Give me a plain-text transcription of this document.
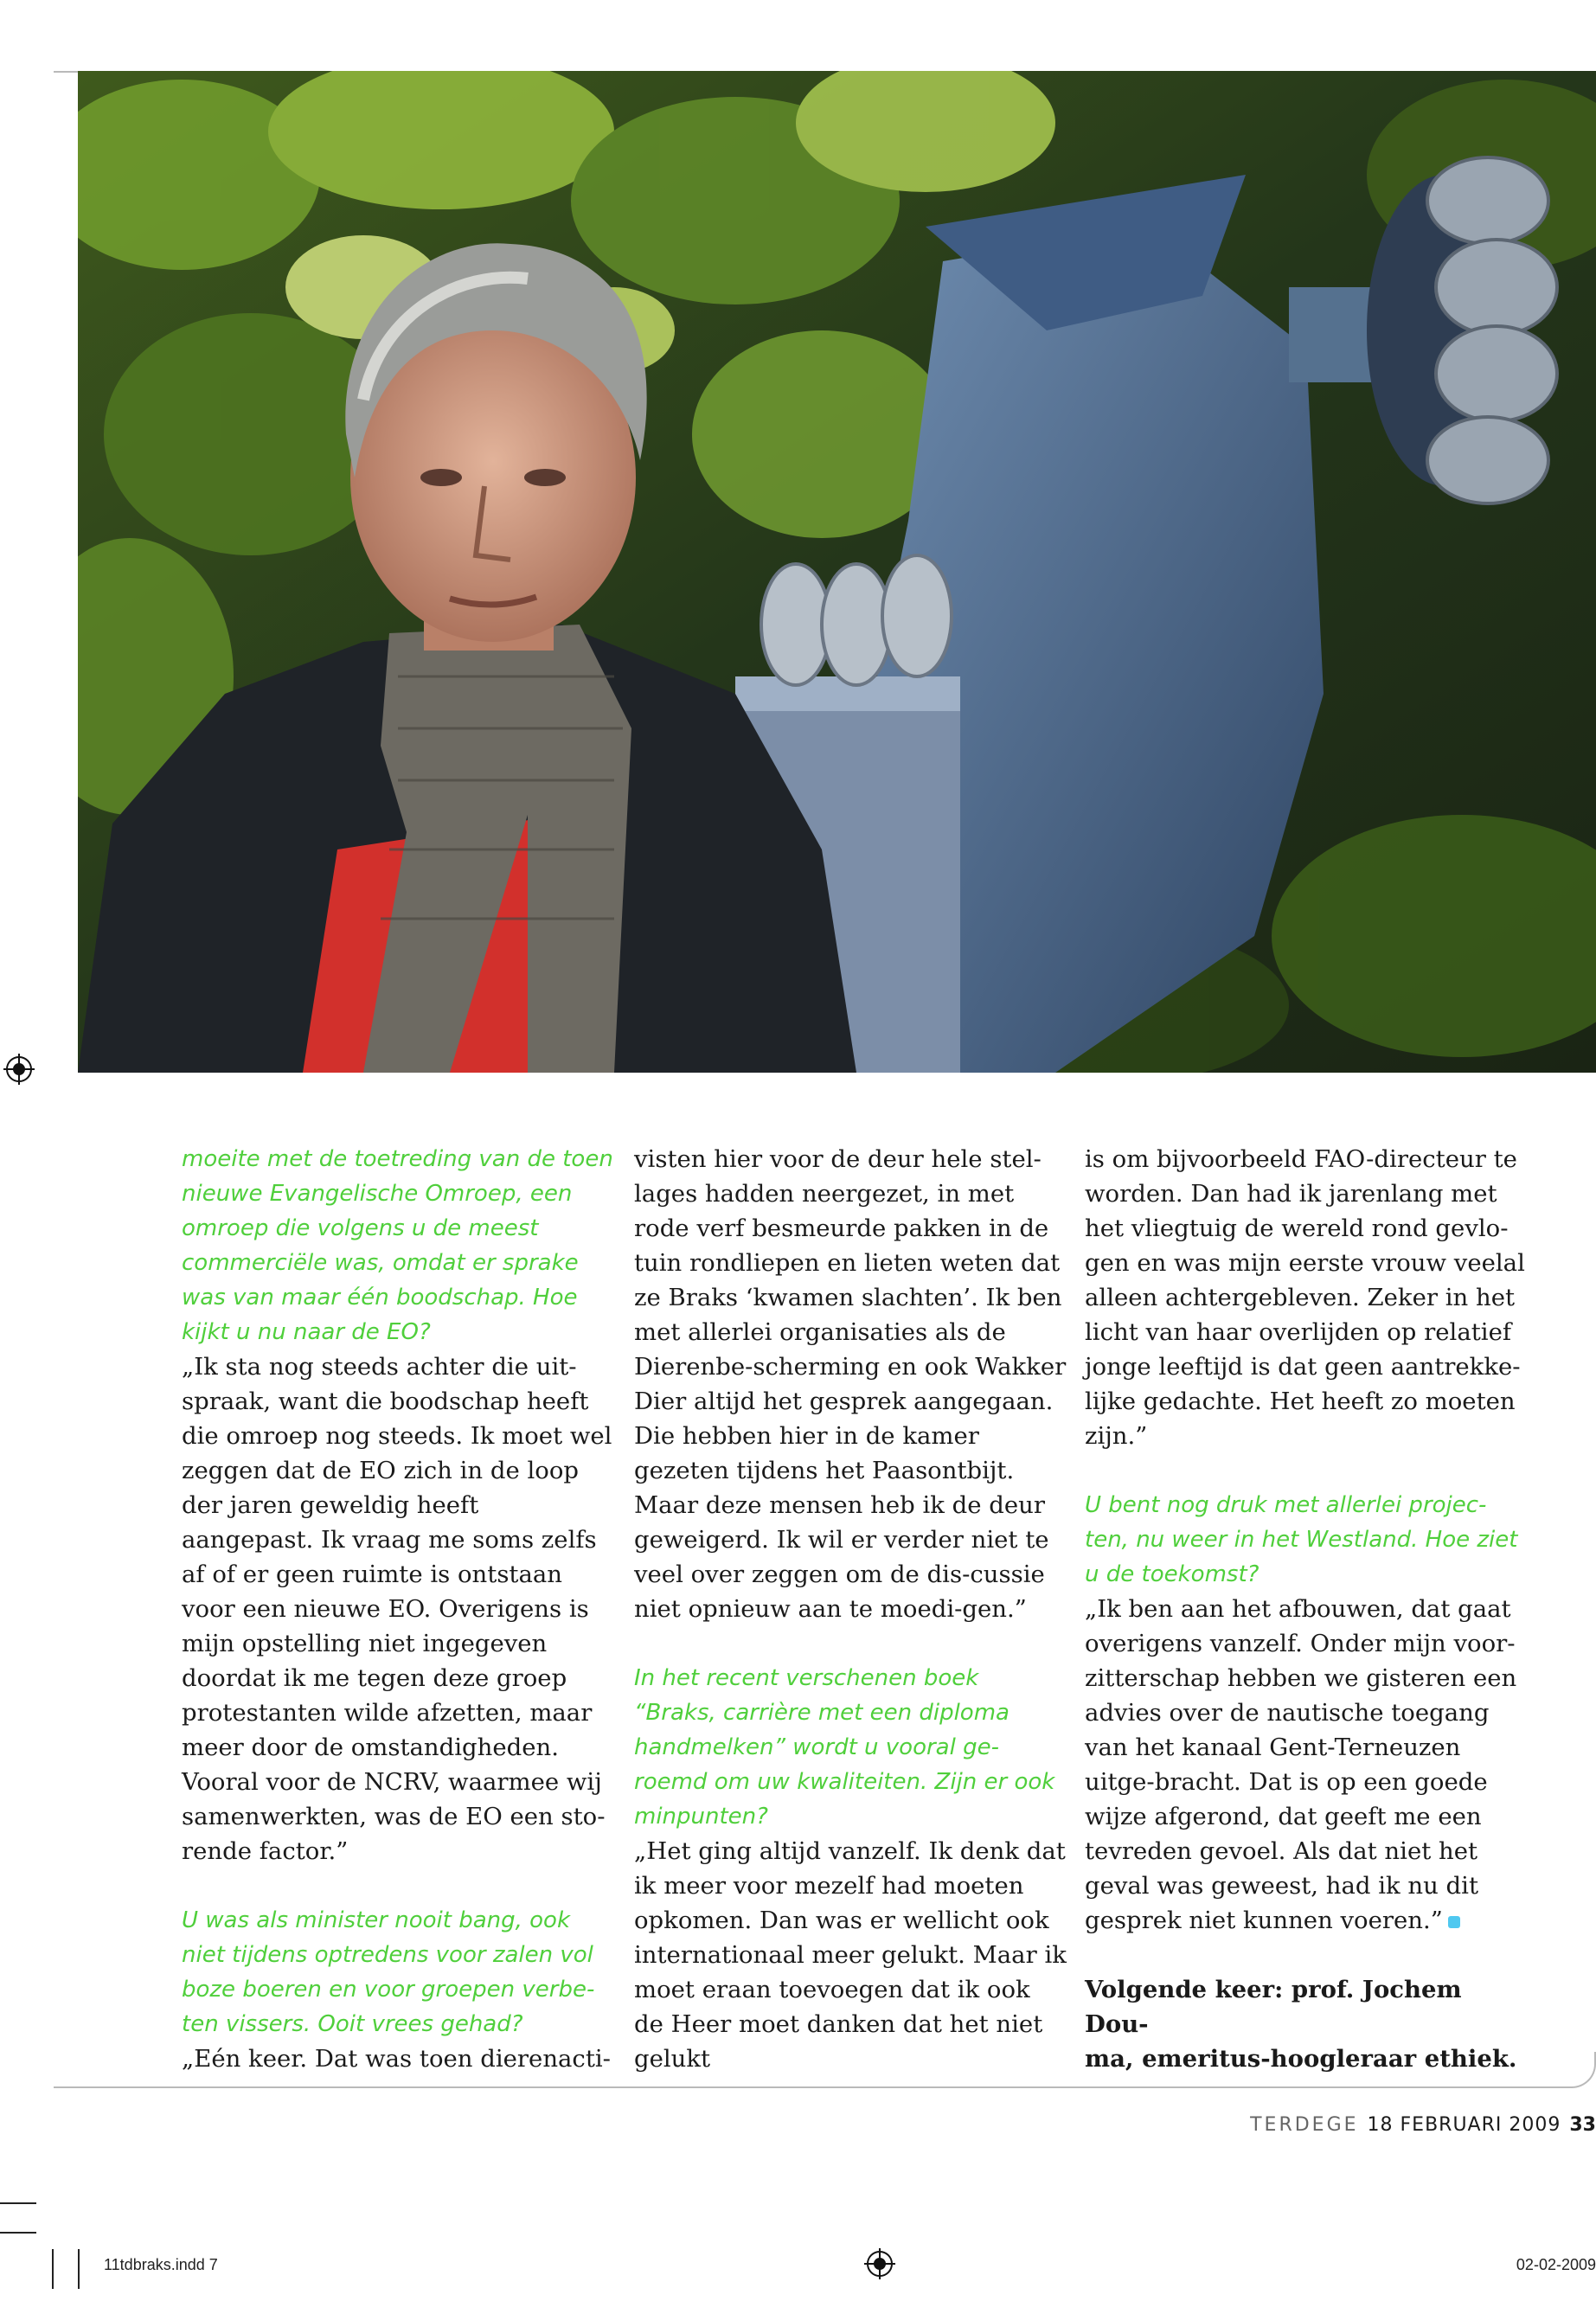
moeite met de toetreding van de toen nieuwe Evangelische Omroep, een omroep die volgens u de meest commerciële was, omdat er sprake was van maar één boodschap. Hoe kijkt u nu naar de EO?

„Ik sta nog steeds achter die uit-spraak, want die boodschap heeft die omroep nog steeds. Ik moet wel zeggen dat de EO zich in de loop der jaren geweldig heeft aangepast. Ik vraag me soms zelfs af of er geen ruimte is ontstaan voor een nieuwe EO. Overigens is mijn opstelling niet ingegeven doordat ik me tegen deze groep protestanten wilde afzetten, maar meer door de omstandigheden. Vooral voor de NCRV, waarmee wij samenwerkten, was de EO een sto-rende factor.”

U was als minister nooit bang, ook niet tijdens optredens voor zalen vol boze boeren en voor groepen verbe-ten vissers. Ooit vrees gehad?

„Eén keer. Dat was toen dierenacti-

visten hier voor de deur hele stel-lages hadden neergezet, in met rode verf besmeurde pakken in de tuin rondliepen en lieten weten dat ze Braks ‘kwamen slachten’. Ik ben met allerlei organisaties als de Dierenbe-scherming en ook Wakker Dier altijd het gesprek aangegaan. Die hebben hier in de kamer gezeten tijdens het Paasontbijt. Maar deze mensen heb ik de deur geweigerd. Ik wil er verder niet te veel over zeggen om de dis-cussie niet opnieuw aan te moedi-gen.”

In het recent verschenen boek “Braks, carrière met een diploma handmelken” wordt u vooral ge-roemd om uw kwaliteiten. Zijn er ook minpunten?

„Het ging altijd vanzelf. Ik denk dat ik meer voor mezelf had moeten opkomen. Dan was er wellicht ook internationaal meer gelukt. Maar ik moet eraan toevoegen dat ik ook de Heer moet danken dat het niet gelukt

is om bijvoorbeeld FAO-directeur te worden. Dan had ik jarenlang met het vliegtuig de wereld rond gevlo-gen en was mijn eerste vrouw veelal alleen achtergebleven. Zeker in het licht van haar overlijden op relatief jonge leeftijd is dat geen aantrekke-lijke gedachte. Het heeft zo moeten zijn.”

U bent nog druk met allerlei projec-ten, nu weer in het Westland. Hoe ziet u de toekomst?

„Ik ben aan het afbouwen, dat gaat overigens vanzelf. Onder mijn voor-zitterschap hebben we gisteren een advies over de nautische toegang van het kanaal Gent-Terneuzen uitge-bracht. Dat is op een goede wijze afgerond, dat geeft me een tevreden gevoel. Als dat niet het geval was geweest, had ik nu dit gesprek niet kunnen voeren.”

Volgende keer: prof. Jochem Dou-

ma, emeritus-hoogleraar ethiek.

TERDEGE 18 FEBRUARI 2009 33
11tdbraks.indd 7	02-02-2009
